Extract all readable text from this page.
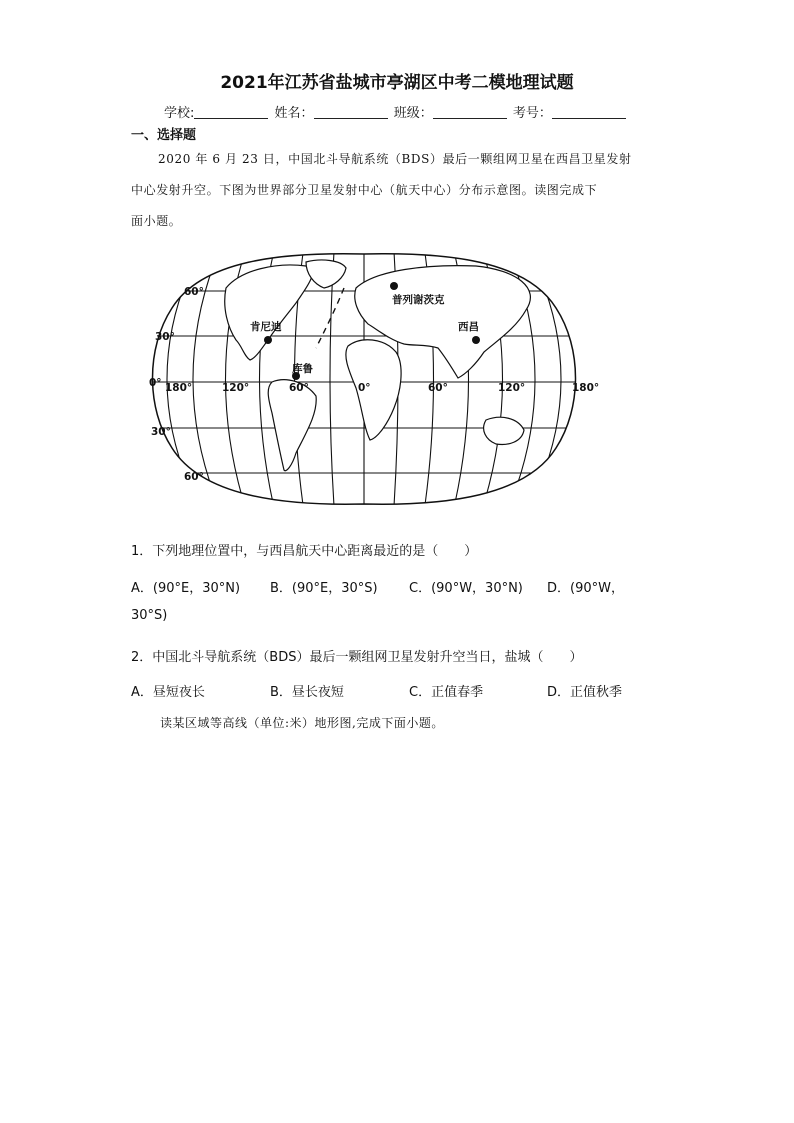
2021年江苏省盐城市亭湖区中考二模地理试题
学校:	姓名：	班级：	考号：
一、选择题

2020 年 6 月 23 日，中国北斗导航系统（BDS）最后一颗组网卫星在西昌卫星发射

中心发射升空。下图为世界部分卫星发射中心（航天中心）分布示意图。读图完成下

面小题。

60°
30°
0°
30°
60°
180°	120°	60°	0°	60°	120°	180°
普列谢茨克
肯尼迪	西昌
库鲁
1．下列地理位置中，与西昌航天中心距离最近的是（　　）
A．(90°E，30°N) B．(90°E，30°S) C．(90°W，30°N) D．(90°W，
30°S)
2．中国北斗导航系统（BDS）最后一颗组网卫星发射升空当日，盐城（　　）
A．昼短夜长	B．昼长夜短	C．正值春季	D．正值秋季
读某区域等高线（单位:米）地形图,完成下面小题。
